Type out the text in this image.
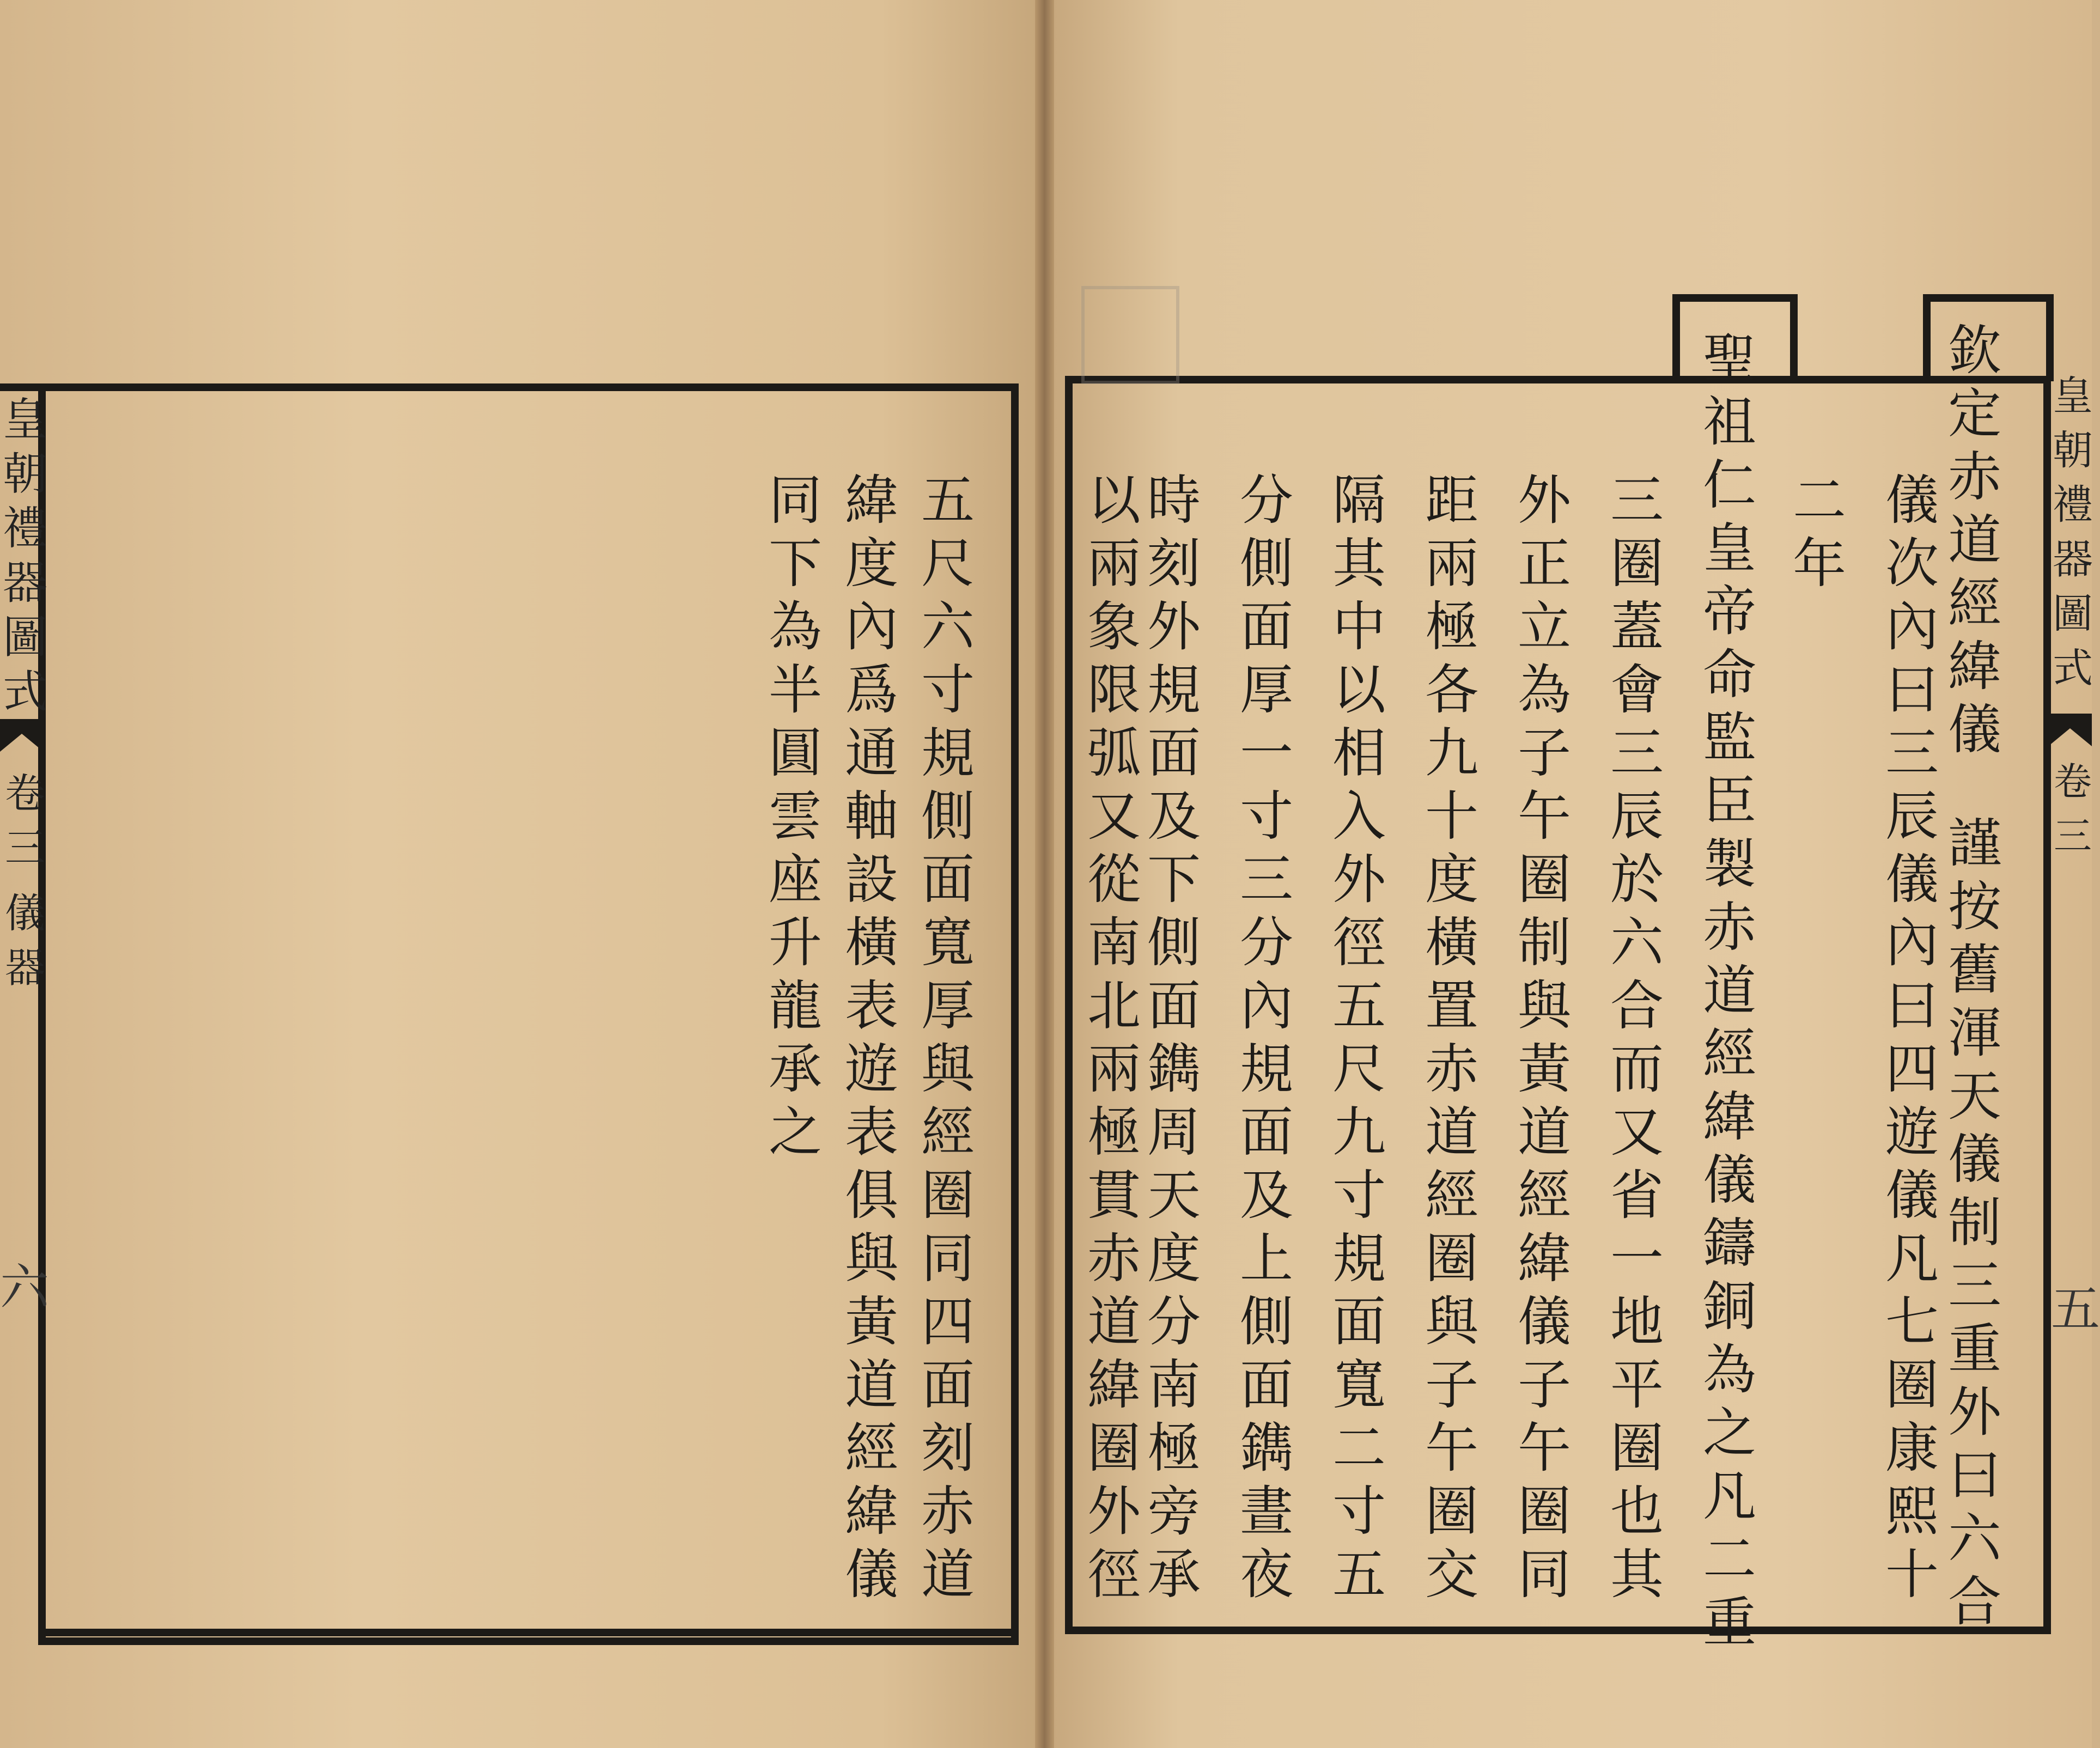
皇
朝
禮
器
圖
式
卷
三
儀
器
六
五
尺
六
寸
規
側
面
寬
厚
與
經
圈
同
四
面
刻
赤
道
緯
度
內
爲
通
軸
設
橫
表
遊
表
俱
與
黃
道
經
緯
儀
同
下
為
半
圓
雲
座
升
龍
承
之
皇
朝
禮
器
圖
式
卷
三
五
欽
定
赤
道
經
緯
儀
謹
按
舊
渾
天
儀
制
三
重
外
曰
六
合
儀
次
內
曰
三
辰
儀
內
曰
四
遊
儀
凡
七
圈
康
熙
十
二
年
聖
祖
仁
皇
帝
命
監
臣
製
赤
道
經
緯
儀
鑄
銅
為
之
凡
二
重
三
圈
蓋
會
三
辰
於
六
合
而
又
省
一
地
平
圈
也
其
外
正
立
為
子
午
圈
制
與
黃
道
經
緯
儀
子
午
圈
同
距
兩
極
各
九
十
度
橫
置
赤
道
經
圈
與
子
午
圈
交
隔
其
中
以
相
入
外
徑
五
尺
九
寸
規
面
寬
二
寸
五
分
側
面
厚
一
寸
三
分
內
規
面
及
上
側
面
鐫
晝
夜
時
刻
外
規
面
及
下
側
面
鐫
周
天
度
分
南
極
旁
承
以
兩
象
限
弧
又
從
南
北
兩
極
貫
赤
道
緯
圈
外
徑
